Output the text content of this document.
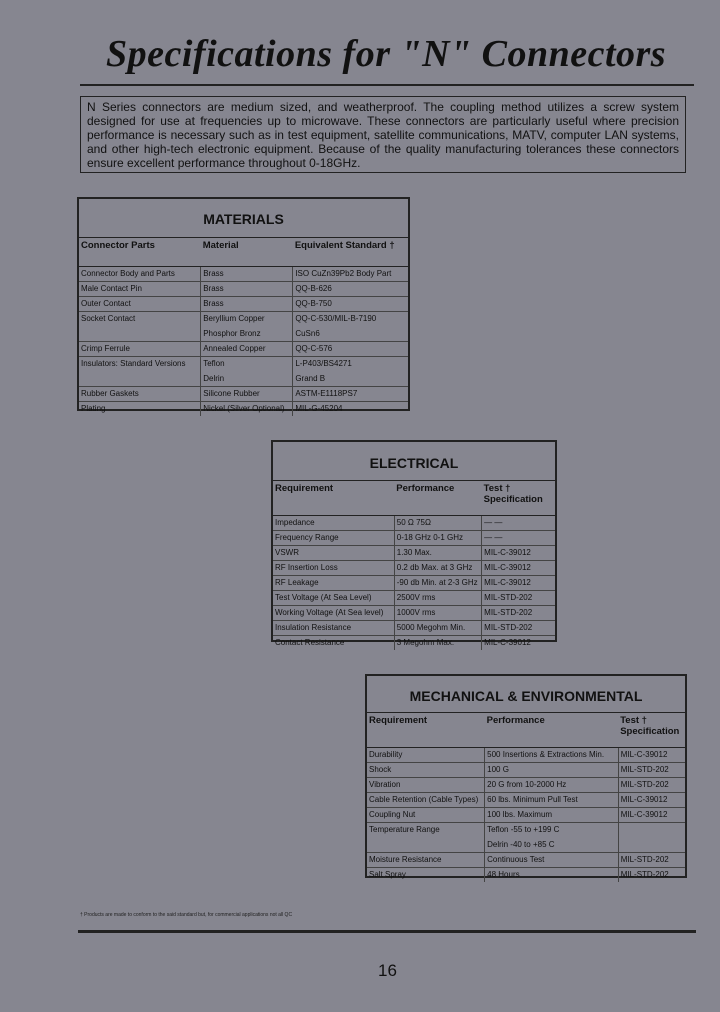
Specifications for "N" Connectors

N Series connectors are medium sized, and weatherproof. The coupling method utilizes a screw system designed for use at frequencies up to microwave. These connectors are particularly useful where precision performance is necessary such as in test equipment, satellite communications, MATV, computer LAN systems, and other high-tech electronic equipment. Because of the quality manufacturing tolerances these connectors ensure excellent performance throughout 0-18GHz.

MATERIALS
Connector Parts	Material	Equivalent Standard †
Connector Body and Parts	Brass	ISO CuZn39Pb2 Body Part
Male Contact Pin	Brass	QQ-B-626
Outer Contact	Brass	QQ-B-750
Socket Contact	Beryllium Copper	QQ-C-530/MIL-B-7190
	Phosphor Bronz	CuSn6
Crimp Ferrule	Annealed Copper	QQ-C-576
Insulators: Standard Versions	Teflon	L-P403/BS4271
	Delrin	Grand B
Rubber Gaskets	Silicone Rubber	ASTM-E1118PS7
Plating	Nickel (Silver Optional)	MIL-G-45204
ELECTRICAL
Requirement	Performance	Test † Specification
Impedance	50 Ω 75Ω	— —
Frequency Range	0-18 GHz 0-1 GHz	— —
VSWR	1.30 Max.	MIL-C-39012
RF Insertion Loss	0.2 db Max. at 3 GHz	MIL-C-39012
RF Leakage	-90 db Min. at 2-3 GHz	MIL-C-39012
Test Voltage (At Sea Level)	2500V rms	MIL-STD-202
Working Voltage (At Sea level)	1000V rms	MIL-STD-202
Insulation Resistance	5000 Megohm Min.	MIL-STD-202
Contact Resistance	3 Megohm Max.	MIL-C-39012
MECHANICAL & ENVIRONMENTAL
Requirement	Performance	Test † Specification
Durability	500 Insertions & Extractions Min.	MIL-C-39012
Shock	100 G	MIL-STD-202
Vibration	20 G from 10-2000 Hz	MIL-STD-202
Cable Retention (Cable Types)	60 lbs. Minimum Pull Test	MIL-C-39012
Coupling Nut	100 lbs. Maximum	MIL-C-39012
Temperature Range	Teflon -55 to +199 C	
	Delrin -40 to +85 C	
Moisture Resistance	Continuous Test	MIL-STD-202
Salt Spray	48 Hours	MIL-STD-202
† Products are made to conform to the said standard but, for commercial applications not all QC
16
